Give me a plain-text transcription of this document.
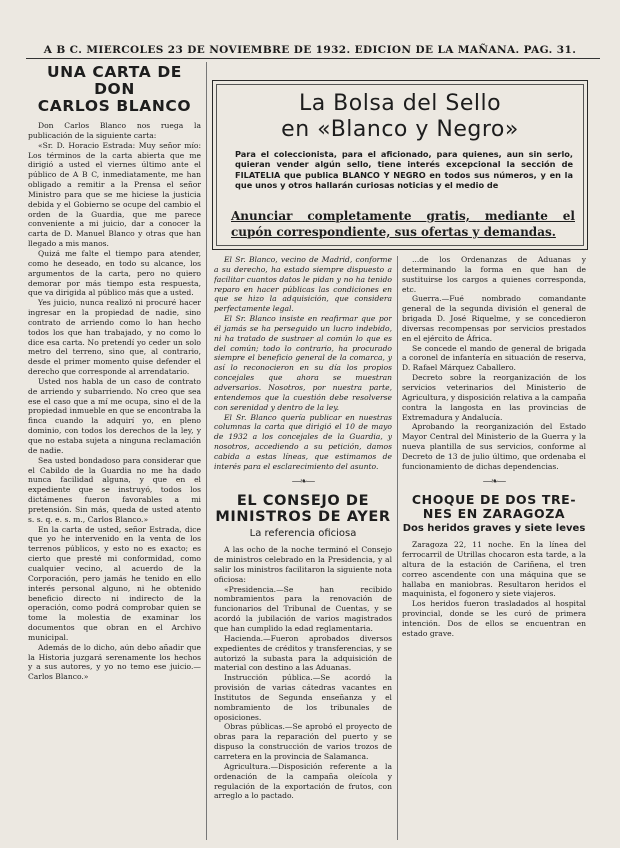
A B C. MIERCOLES 23 DE NOVIEMBRE DE 1932. EDICION DE LA MAÑANA. PAG. 31.
UNA CARTA DE DON
CARLOS BLANCO

Don Carlos Blanco nos ruega la publicación de la siguiente carta:

«Sr. D. Horacio Estrada: Muy señor mío: Los términos de la carta abierta que me dirigió a usted el viernes último ante el público de A B C, inmediatamente, me han obligado a remitir a la Prensa el señor Ministro para que se me hiciese la justicia debida y el Gobierno se ocupe del cambio el orden de la Guardia, que me parece conveniente a mi juicio, dar a conocer la carta de D. Manuel Blanco y otras que han llegado a mis manos.

Quizá me falte el tiempo para atender, como he deseado, en todo su alcance, los argumentos de la carta, pero no quiero demorar por más tiempo esta respuesta, que va dirigida al público más que a usted.

Yes juicio, nunca realizó ni procuré hacer ingresar en la propiedad de nadie, sino contrato de arriendo como lo han hecho todos los que han trabajado, y no como lo dice esa carta. No pretendí yo ceder un solo metro del terreno, sino que, al contrario, desde el primer momento quise defender el derecho que corresponde al arrendatario.

Usted nos habla de un caso de contrato de arriendo y subarriendo. No creo que sea ese el caso que a mí me ocupa, sino el de la propiedad inmueble en que se encontraba la finca cuando la adquirí yo, en pleno dominio, con todos los derechos de la ley, y que no estaba sujeta a ninguna reclamación de nadie.

Sea usted bondadoso para considerar que el Cabildo de la Guardia no me ha dado nunca facilidad alguna, y que en el expediente que se instruyó, todos los dictámenes fueron favorables a mi pretensión. Sin más, queda de usted atento s. s. q. e. s. m., Carlos Blanco.»

En la carta de usted, señor Estrada, dice que yo he intervenido en la venta de los terrenos públicos, y esto no es exacto; es cierto que presté mi conformidad, como cualquier vecino, al acuerdo de la Corporación, pero jamás he tenido en ello interés personal alguno, ni he obtenido beneficio directo ni indirecto de la operación, como podrá comprobar quien se tome la molestia de examinar los documentos que obran en el Archivo municipal.

Además de lo dicho, aún debo añadir que la Historia juzgará serenamente los hechos y a sus autores, y yo no temo ese juicio.—Carlos Blanco.»

La Bolsa del Sello
en «Blanco y Negro»
Para el coleccionista, para el aficionado, para quienes, aun sin serlo, quieran vender algún sello, tiene interés excepcional la sección de FILATELIA que publica BLANCO Y NEGRO en todos sus números, y en la que unos y otros hallarán curiosas noticias y el medio de
Anunciar completamente gratis, mediante el cupón correspondiente, sus ofertas y demandas.

El Sr. Blanco, vecino de Madrid, conforme a su derecho, ha estado siempre dispuesto a facilitar cuantos datos le pidan y no ha tenido reparo en hacer públicas las condiciones en que se hizo la adquisición, que considera perfectamente legal.

El Sr. Blanco insiste en reafirmar que por él jamás se ha perseguido un lucro indebido, ni ha tratado de sustraer al común lo que es del común; todo lo contrario, ha procurado siempre el beneficio general de la comarca, y así lo reconocieron en su día los propios concejales que ahora se muestran adversarios. Nosotros, por nuestra parte, entendemos que la cuestión debe resolverse con serenidad y dentro de la ley.

El Sr. Blanco quería publicar en nuestras columnas la carta que dirigió el 10 de mayo de 1932 a los concejales de la Guardia, y nosotros, accediendo a su petición, damos cabida a estas líneas, que estimamos de interés para el esclarecimiento del asunto.

—❧—
EL CONSEJO DE
MINISTROS DE AYER
La referencia oficiosa

A las ocho de la noche terminó el Consejo de ministros celebrado en la Presidencia, y al salir los ministros facilitaron la siguiente nota oficiosa:

«Presidencia.—Se han recibido nombramientos para la renovación de funcionarios del Tribunal de Cuentas, y se acordó la jubilación de varios magistrados que han cumplido la edad reglamentaria.

Hacienda.—Fueron aprobados diversos expedientes de créditos y transferencias, y se autorizó la subasta para la adquisición de material con destino a las Aduanas.

Instrucción pública.—Se acordó la provisión de varias cátedras vacantes en Institutos de Segunda enseñanza y el nombramiento de los tribunales de oposiciones.

Obras públicas.—Se aprobó el proyecto de obras para la reparación del puerto y se dispuso la construcción de varios trozos de carretera en la provincia de Salamanca.

Agricultura.—Disposición referente a la ordenación de la campaña oleícola y regulación de la exportación de frutos, con arreglo a lo pactado.

...de los Ordenanzas de Aduanas y determinando la forma en que han de sustituirse los cargos a quienes corresponda, etc.

Guerra.—Fué nombrado comandante general de la segunda división el general de brigada D. José Riquelme, y se concedieron diversas recompensas por servicios prestados en el ejército de África.

Se concede el mando de general de brigada a coronel de infantería en situación de reserva, D. Rafael Márquez Caballero.

Decreto sobre la reorganización de los servicios veterinarios del Ministerio de Agricultura, y disposición relativa a la campaña contra la langosta en las provincias de Extremadura y Andalucía.

Aprobando la reorganización del Estado Mayor Central del Ministerio de la Guerra y la nueva plantilla de sus servicios, conforme al Decreto de 13 de julio último, que ordenaba el funcionamiento de dichas dependencias.

—❧—
CHOQUE DE DOS TRE-
NES EN ZARAGOZA
Dos heridos graves y siete leves

Zaragoza 22, 11 noche. En la línea del ferrocarril de Utrillas chocaron esta tarde, a la altura de la estación de Cariñena, el tren correo ascendente con una máquina que se hallaba en maniobras. Resultaron heridos el maquinista, el fogonero y siete viajeros.

Los heridos fueron trasladados al hospital provincial, donde se les curó de primera intención. Dos de ellos se encuentran en estado grave.
